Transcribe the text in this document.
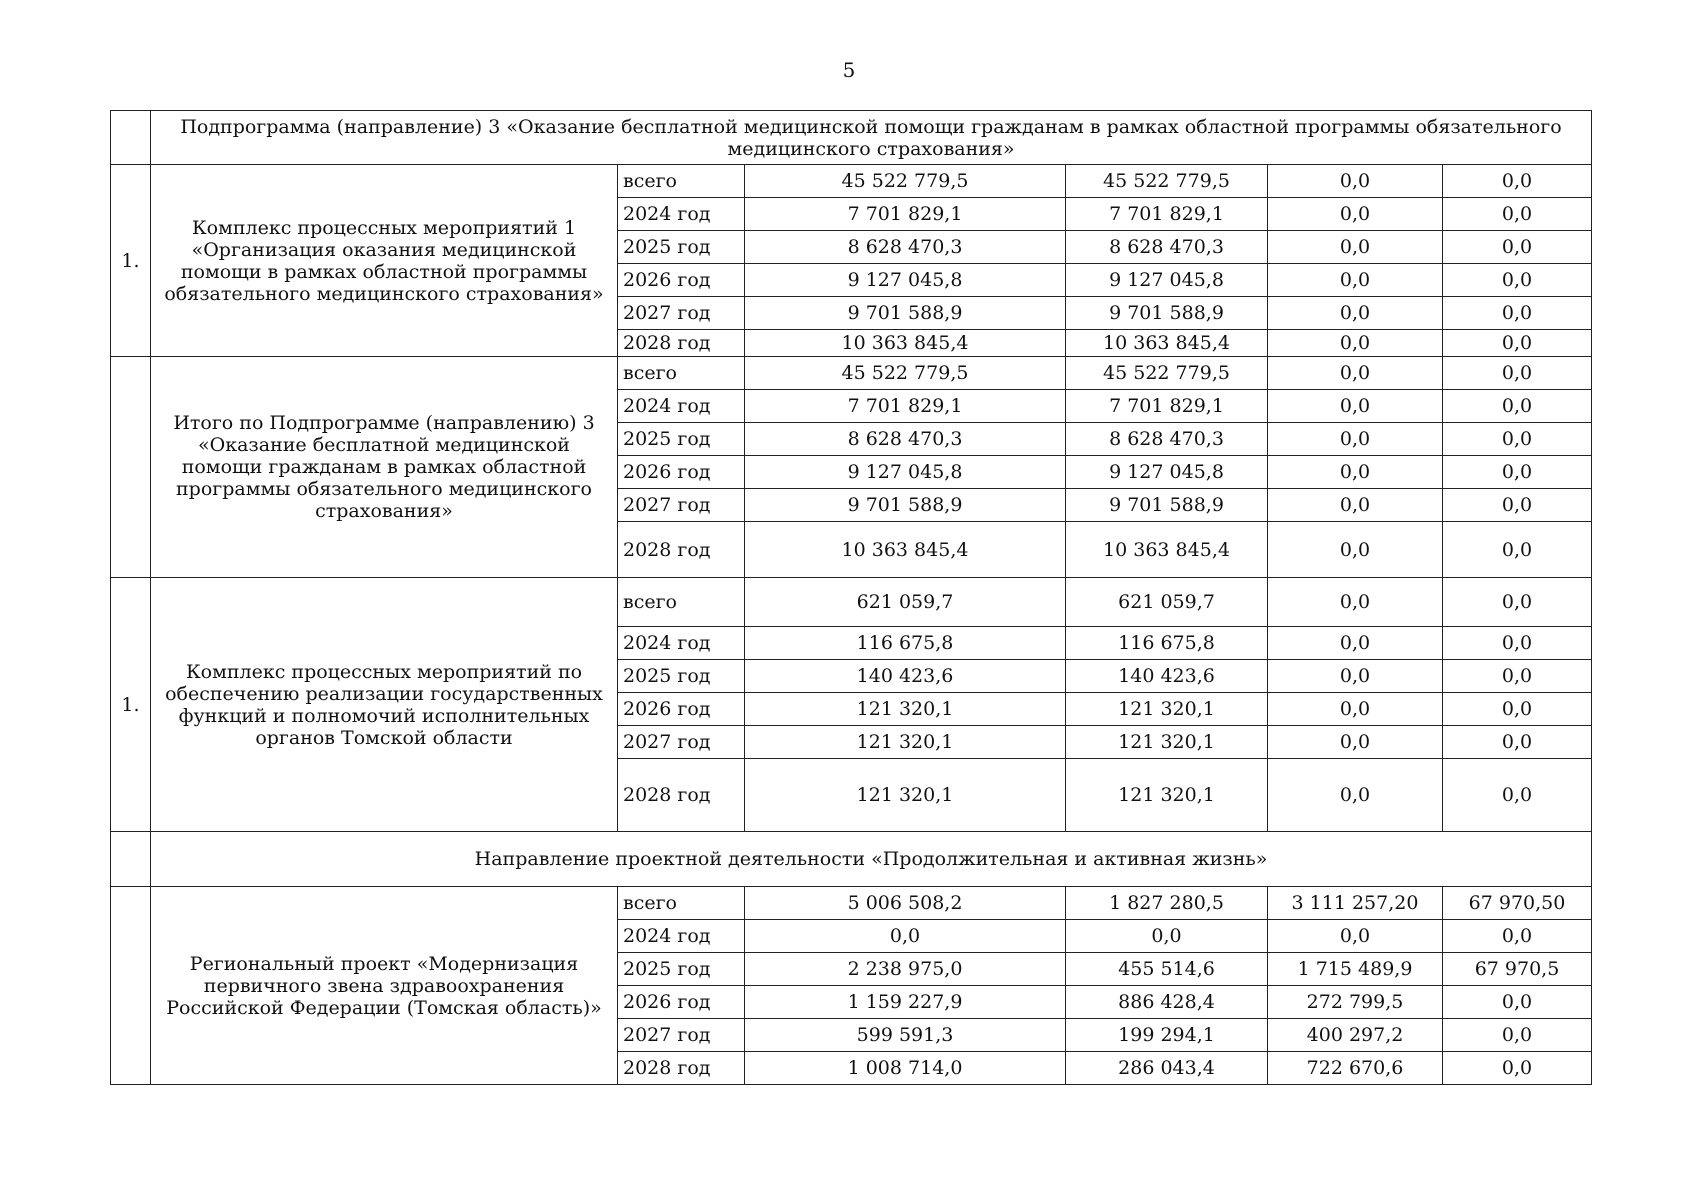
5
	Подпрограмма (направление) 3 «Оказание бесплатной медицинской помощи гражданам в рамках областной программы обязательного медицинского страхования»					
1.	Комплекс процессных мероприятий 1 «Организация оказания медицинской помощи в рамках областной программы обязательного медицинского страхования»	всего	45 522 779,5	45 522 779,5	0,0	0,0
		2024 год	7 701 829,1	7 701 829,1	0,0	0,0
		2025 год	8 628 470,3	8 628 470,3	0,0	0,0
		2026 год	9 127 045,8	9 127 045,8	0,0	0,0
		2027 год	9 701 588,9	9 701 588,9	0,0	0,0
		2028 год	10 363 845,4	10 363 845,4	0,0	0,0
	Итого по Подпрограмме (направлению) 3 «Оказание бесплатной медицинской помощи гражданам в рамках областной программы обязательного медицинского страхования»	всего	45 522 779,5	45 522 779,5	0,0	0,0
		2024 год	7 701 829,1	7 701 829,1	0,0	0,0
		2025 год	8 628 470,3	8 628 470,3	0,0	0,0
		2026 год	9 127 045,8	9 127 045,8	0,0	0,0
		2027 год	9 701 588,9	9 701 588,9	0,0	0,0
		2028 год	10 363 845,4	10 363 845,4	0,0	0,0
1.	Комплекс процессных мероприятий по обеспечению реализации государственных функций и полномочий исполнительных органов Томской области	всего	621 059,7	621 059,7	0,0	0,0
		2024 год	116 675,8	116 675,8	0,0	0,0
		2025 год	140 423,6	140 423,6	0,0	0,0
		2026 год	121 320,1	121 320,1	0,0	0,0
		2027 год	121 320,1	121 320,1	0,0	0,0
		2028 год	121 320,1	121 320,1	0,0	0,0
	Направление проектной деятельности «Продолжительная и активная жизнь»					
	Региональный проект «Модернизация первичного звена здравоохранения Российской Федерации (Томская область)»	всего	5 006 508,2	1 827 280,5	3 111 257,20	67 970,50
		2024 год	0,0	0,0	0,0	0,0
		2025 год	2 238 975,0	455 514,6	1 715 489,9	67 970,5
		2026 год	1 159 227,9	886 428,4	272 799,5	0,0
		2027 год	599 591,3	199 294,1	400 297,2	0,0
		2028 год	1 008 714,0	286 043,4	722 670,6	0,0
